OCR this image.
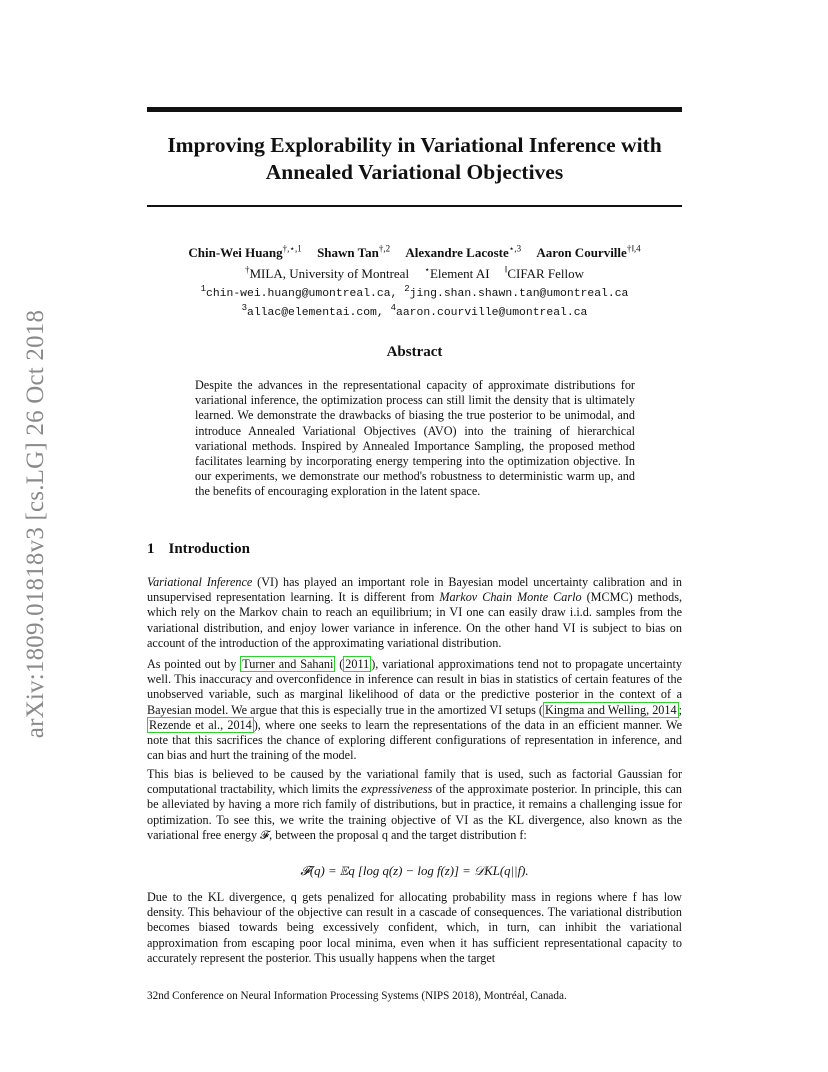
arXiv:1809.01818v3 [cs.LG] 26 Oct 2018
Improving Explorability in Variational Inference with
Annealed Variational Objectives
Chin-Wei Huang$^{\dagger,⋆,1}$ Shawn Tan$^{\dagger,2}$ Alexandre Lacoste$^{⋆,3}$ Aaron Courville$^{\dagger‖,4}$
†MILA, University of Montreal ⋆Element AI ‖CIFAR Fellow
$^1$chin-wei.huang@umontreal.ca, $^2$jing.shan.shawn.tan@umontreal.ca
$^3$allac@elementai.com, $^4$aaron.courville@umontreal.ca
Abstract
Despite the advances in the representational capacity of approximate distributions for variational inference, the optimization process can still limit the density that is ultimately learned. We demonstrate the drawbacks of biasing the true posterior to be unimodal, and introduce Annealed Variational Objectives (AVO) into the training of hierarchical variational methods. Inspired by Annealed Importance Sampling, the proposed method facilitates learning by incorporating energy tempering into the optimization objective. In our experiments, we demonstrate our method's robustness to deterministic warm up, and the benefits of encouraging exploration in the latent space.
1 Introduction
Variational Inference (VI) has played an important role in Bayesian model uncertainty calibration and in unsupervised representation learning. It is different from Markov Chain Monte Carlo (MCMC) methods, which rely on the Markov chain to reach an equilibrium; in VI one can easily draw i.i.d. samples from the variational distribution, and enjoy lower variance in inference. On the other hand VI is subject to bias on account of the introduction of the approximating variational distribution.
As pointed out by Turner and Sahani ( 2011 ), variational approximations tend not to propagate uncertainty well. This inaccuracy and overconfidence in inference can result in bias in statistics of certain features of the unobserved variable, such as marginal likelihood of data or the predictive posterior in the context of a Bayesian model. We argue that this is especially true in the amortized VI setups ( Kingma and Welling, 2014 ; Rezende et al., 2014 ), where one seeks to learn the representations of the data in an efficient manner. We note that this sacrifices the chance of exploring different configurations of representation in inference, and can bias and hurt the training of the model.
This bias is believed to be caused by the variational family that is used, such as factorial Gaussian for computational tractability, which limits the expressiveness of the approximate posterior. In principle, this can be alleviated by having a more rich family of distributions, but in practice, it remains a challenging issue for optimization. To see this, we write the training objective of VI as the KL divergence, also known as the variational free energy 𝓕, between the proposal q and the target distribution f:
𝓕(q) = 𝔼q [log q(z) − log f(z)] = 𝒟KL(q||f).
Due to the KL divergence, q gets penalized for allocating probability mass in regions where f has low density. This behaviour of the objective can result in a cascade of consequences. The variational distribution becomes biased towards being excessively confident, which, in turn, can inhibit the variational approximation from escaping poor local minima, even when it has sufficient representational capacity to accurately represent the posterior. This usually happens when the target
32nd Conference on Neural Information Processing Systems (NIPS 2018), Montréal, Canada.
